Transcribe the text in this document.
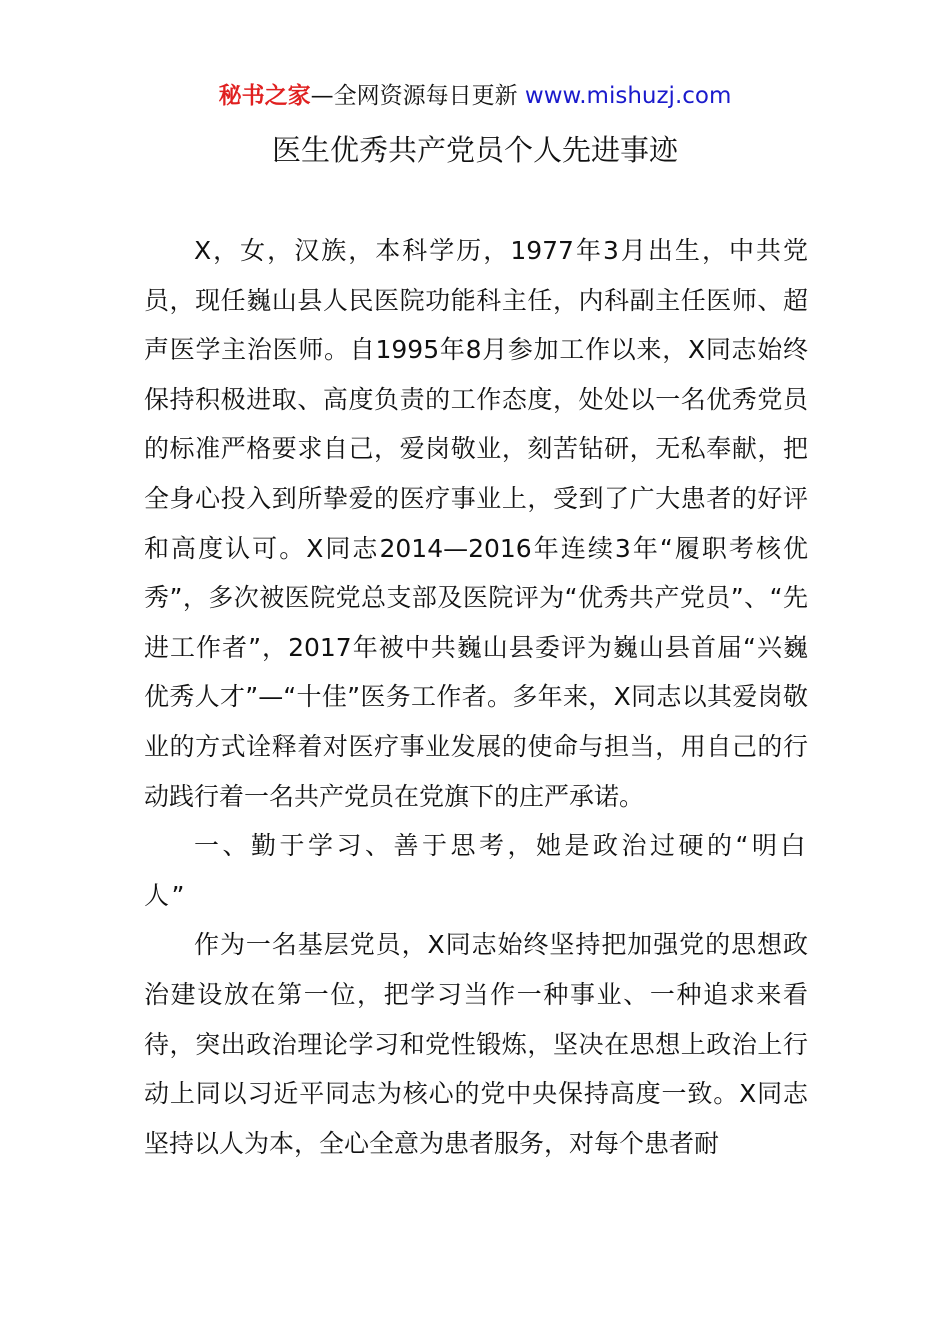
秘书之家—全网资源每日更新 www.mishuzj.com
医生优秀共产党员个人先进事迹

X，女，汉族，本科学历，1977年3月出生，中共党员，现任巍山县人民医院功能科主任，内科副主任医师、超声医学主治医师。自1995年8月参加工作以来，X同志始终保持积极进取、高度负责的工作态度，处处以一名优秀党员的标准严格要求自己，爱岗敬业，刻苦钻研，无私奉献，把全身心投入到所挚爱的医疗事业上，受到了广大患者的好评和高度认可。X同志2014—2016年连续3年“履职考核优秀”，多次被医院党总支部及医院评为“优秀共产党员”、“先进工作者”，2017年被中共巍山县委评为巍山县首届“兴巍优秀人才”—“十佳”医务工作者。多年来，X同志以其爱岗敬业的方式诠释着对医疗事业发展的使命与担当，用自己的行动践行着一名共产党员在党旗下的庄严承诺。

一、勤于学习、善于思考，她是政治过硬的“明白人”

作为一名基层党员，X同志始终坚持把加强党的思想政治建设放在第一位，把学习当作一种事业、一种追求来看待，突出政治理论学习和党性锻炼，坚决在思想上政治上行动上同以习近平同志为核心的党中央保持高度一致。X同志坚持以人为本，全心全意为患者服务，对每个患者耐
